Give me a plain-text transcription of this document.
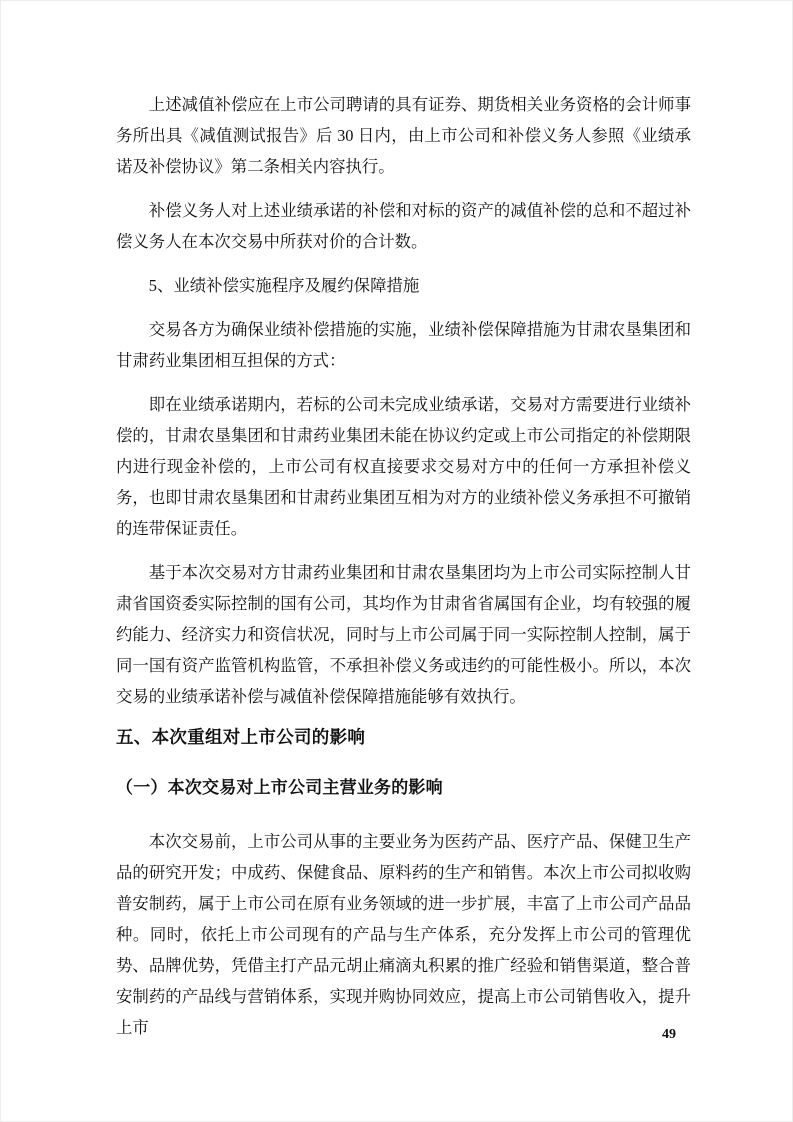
上述减值补偿应在上市公司聘请的具有证券、期货相关业务资格的会计师事务所出具《减值测试报告》后 30 日内，由上市公司和补偿义务人参照《业绩承诺及补偿协议》第二条相关内容执行。

补偿义务人对上述业绩承诺的补偿和对标的资产的减值补偿的总和不超过补偿义务人在本次交易中所获对价的合计数。

5、业绩补偿实施程序及履约保障措施

交易各方为确保业绩补偿措施的实施，业绩补偿保障措施为甘肃农垦集团和甘肃药业集团相互担保的方式：

即在业绩承诺期内，若标的公司未完成业绩承诺，交易对方需要进行业绩补偿的，甘肃农垦集团和甘肃药业集团未能在协议约定或上市公司指定的补偿期限内进行现金补偿的，上市公司有权直接要求交易对方中的任何一方承担补偿义务，也即甘肃农垦集团和甘肃药业集团互相为对方的业绩补偿义务承担不可撤销的连带保证责任。

基于本次交易对方甘肃药业集团和甘肃农垦集团均为上市公司实际控制人甘肃省国资委实际控制的国有公司，其均作为甘肃省省属国有企业，均有较强的履约能力、经济实力和资信状况，同时与上市公司属于同一实际控制人控制，属于同一国有资产监管机构监管，不承担补偿义务或违约的可能性极小。所以，本次交易的业绩承诺补偿与减值补偿保障措施能够有效执行。

五、本次重组对上市公司的影响
（一）本次交易对上市公司主营业务的影响

本次交易前，上市公司从事的主要业务为医药产品、医疗产品、保健卫生产品的研究开发；中成药、保健食品、原料药的生产和销售。本次上市公司拟收购普安制药，属于上市公司在原有业务领域的进一步扩展，丰富了上市公司产品品种。同时，依托上市公司现有的产品与生产体系，充分发挥上市公司的管理优势、品牌优势，凭借主打产品元胡止痛滴丸积累的推广经验和销售渠道，整合普安制药的产品线与营销体系，实现并购协同效应，提高上市公司销售收入，提升上市	49
